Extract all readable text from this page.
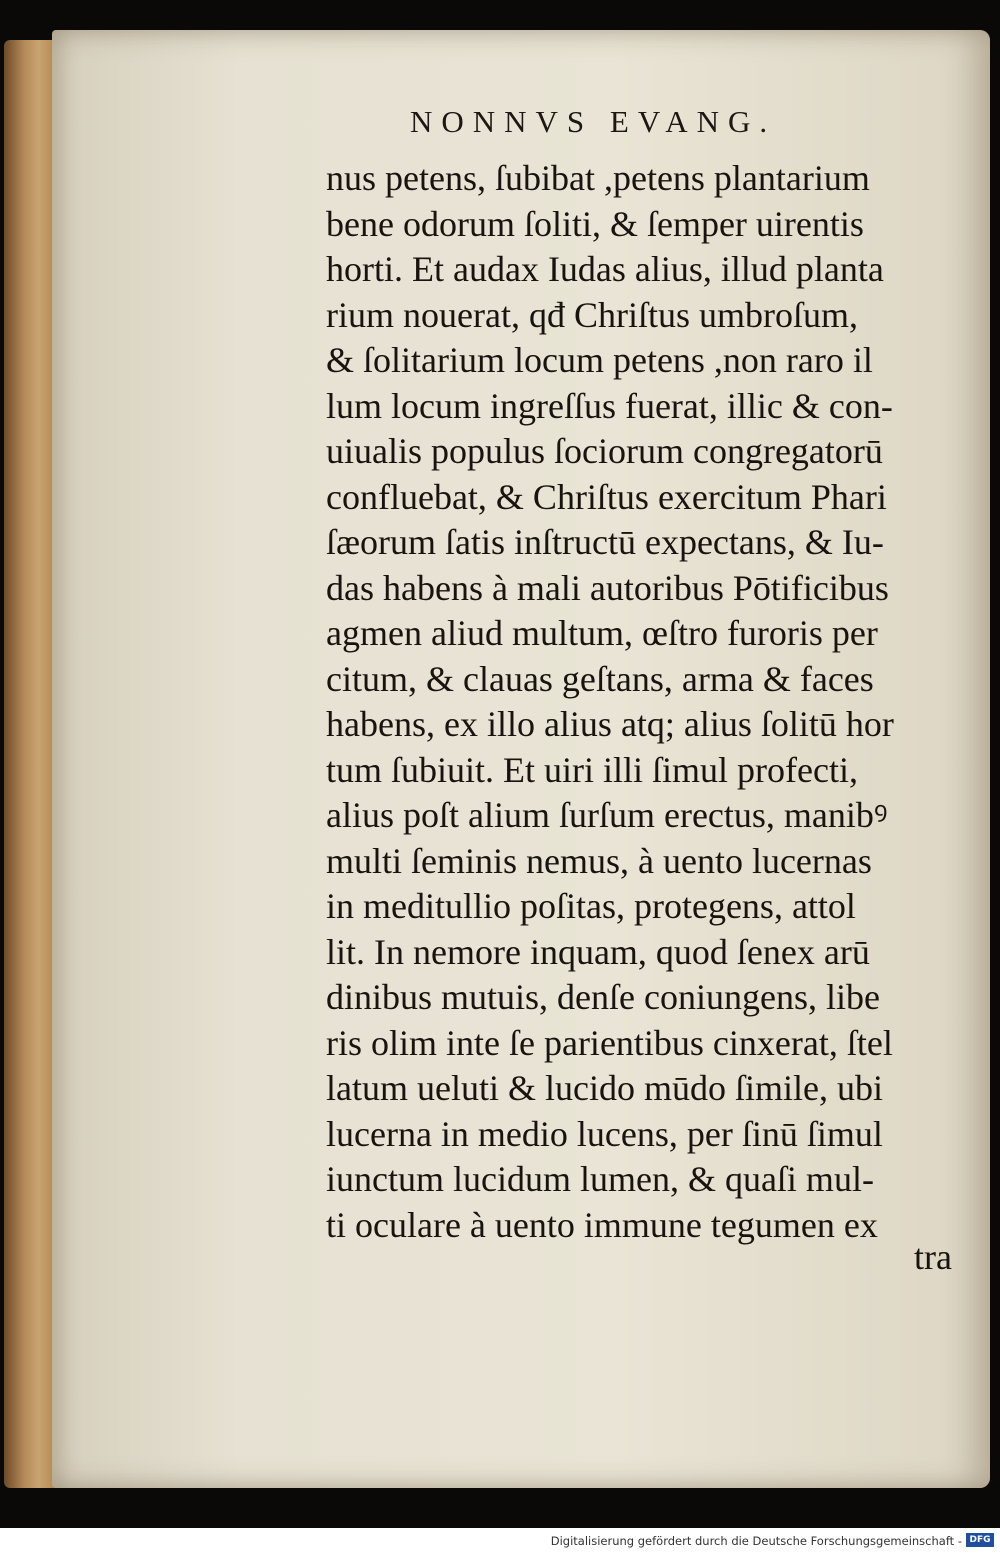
NONNVS EVANG.
nus petens, ſubibat ,petens plantarium
bene odorum ſoliti, & ſemper uirentis
horti. Et audax Iudas alius, illud planta
rium nouerat, qđ Chriſtus umbroſum,
& ſolitarium locum petens ,non raro il
lum locum ingreſſus fuerat, illic & con-
uiualis populus ſociorum congregatorū
confluebat, & Chriſtus exercitum Phari
ſæorum ſatis inſtructū expectans, & Iu-
das habens à mali autoribus Pōtificibus
agmen aliud multum, œſtro furoris per
citum, & clauas geſtans, arma & faces
habens, ex illo alius atq; alius ſolitū hor
tum ſubiuit. Et uiri illi ſimul profecti,
alius poſt alium ſurſum erectus, manibꝰ
multi ſeminis nemus, à uento lucernas
in meditullio poſitas, protegens, attol
lit. In nemore inquam, quod ſenex arū
dinibus mutuis, denſe coniungens, libe
ris olim inte ſe parientibus cinxerat, ſtel
latum ueluti & lucido mūdo ſimile, ubi
lucerna in medio lucens, per ſinū ſimul
iunctum lucidum lumen, & quaſi mul-
ti oculare à uento immune tegumen ex
tra
Digitalisierung gefördert durch die Deutsche Forschungsgemeinschaft - DFG
